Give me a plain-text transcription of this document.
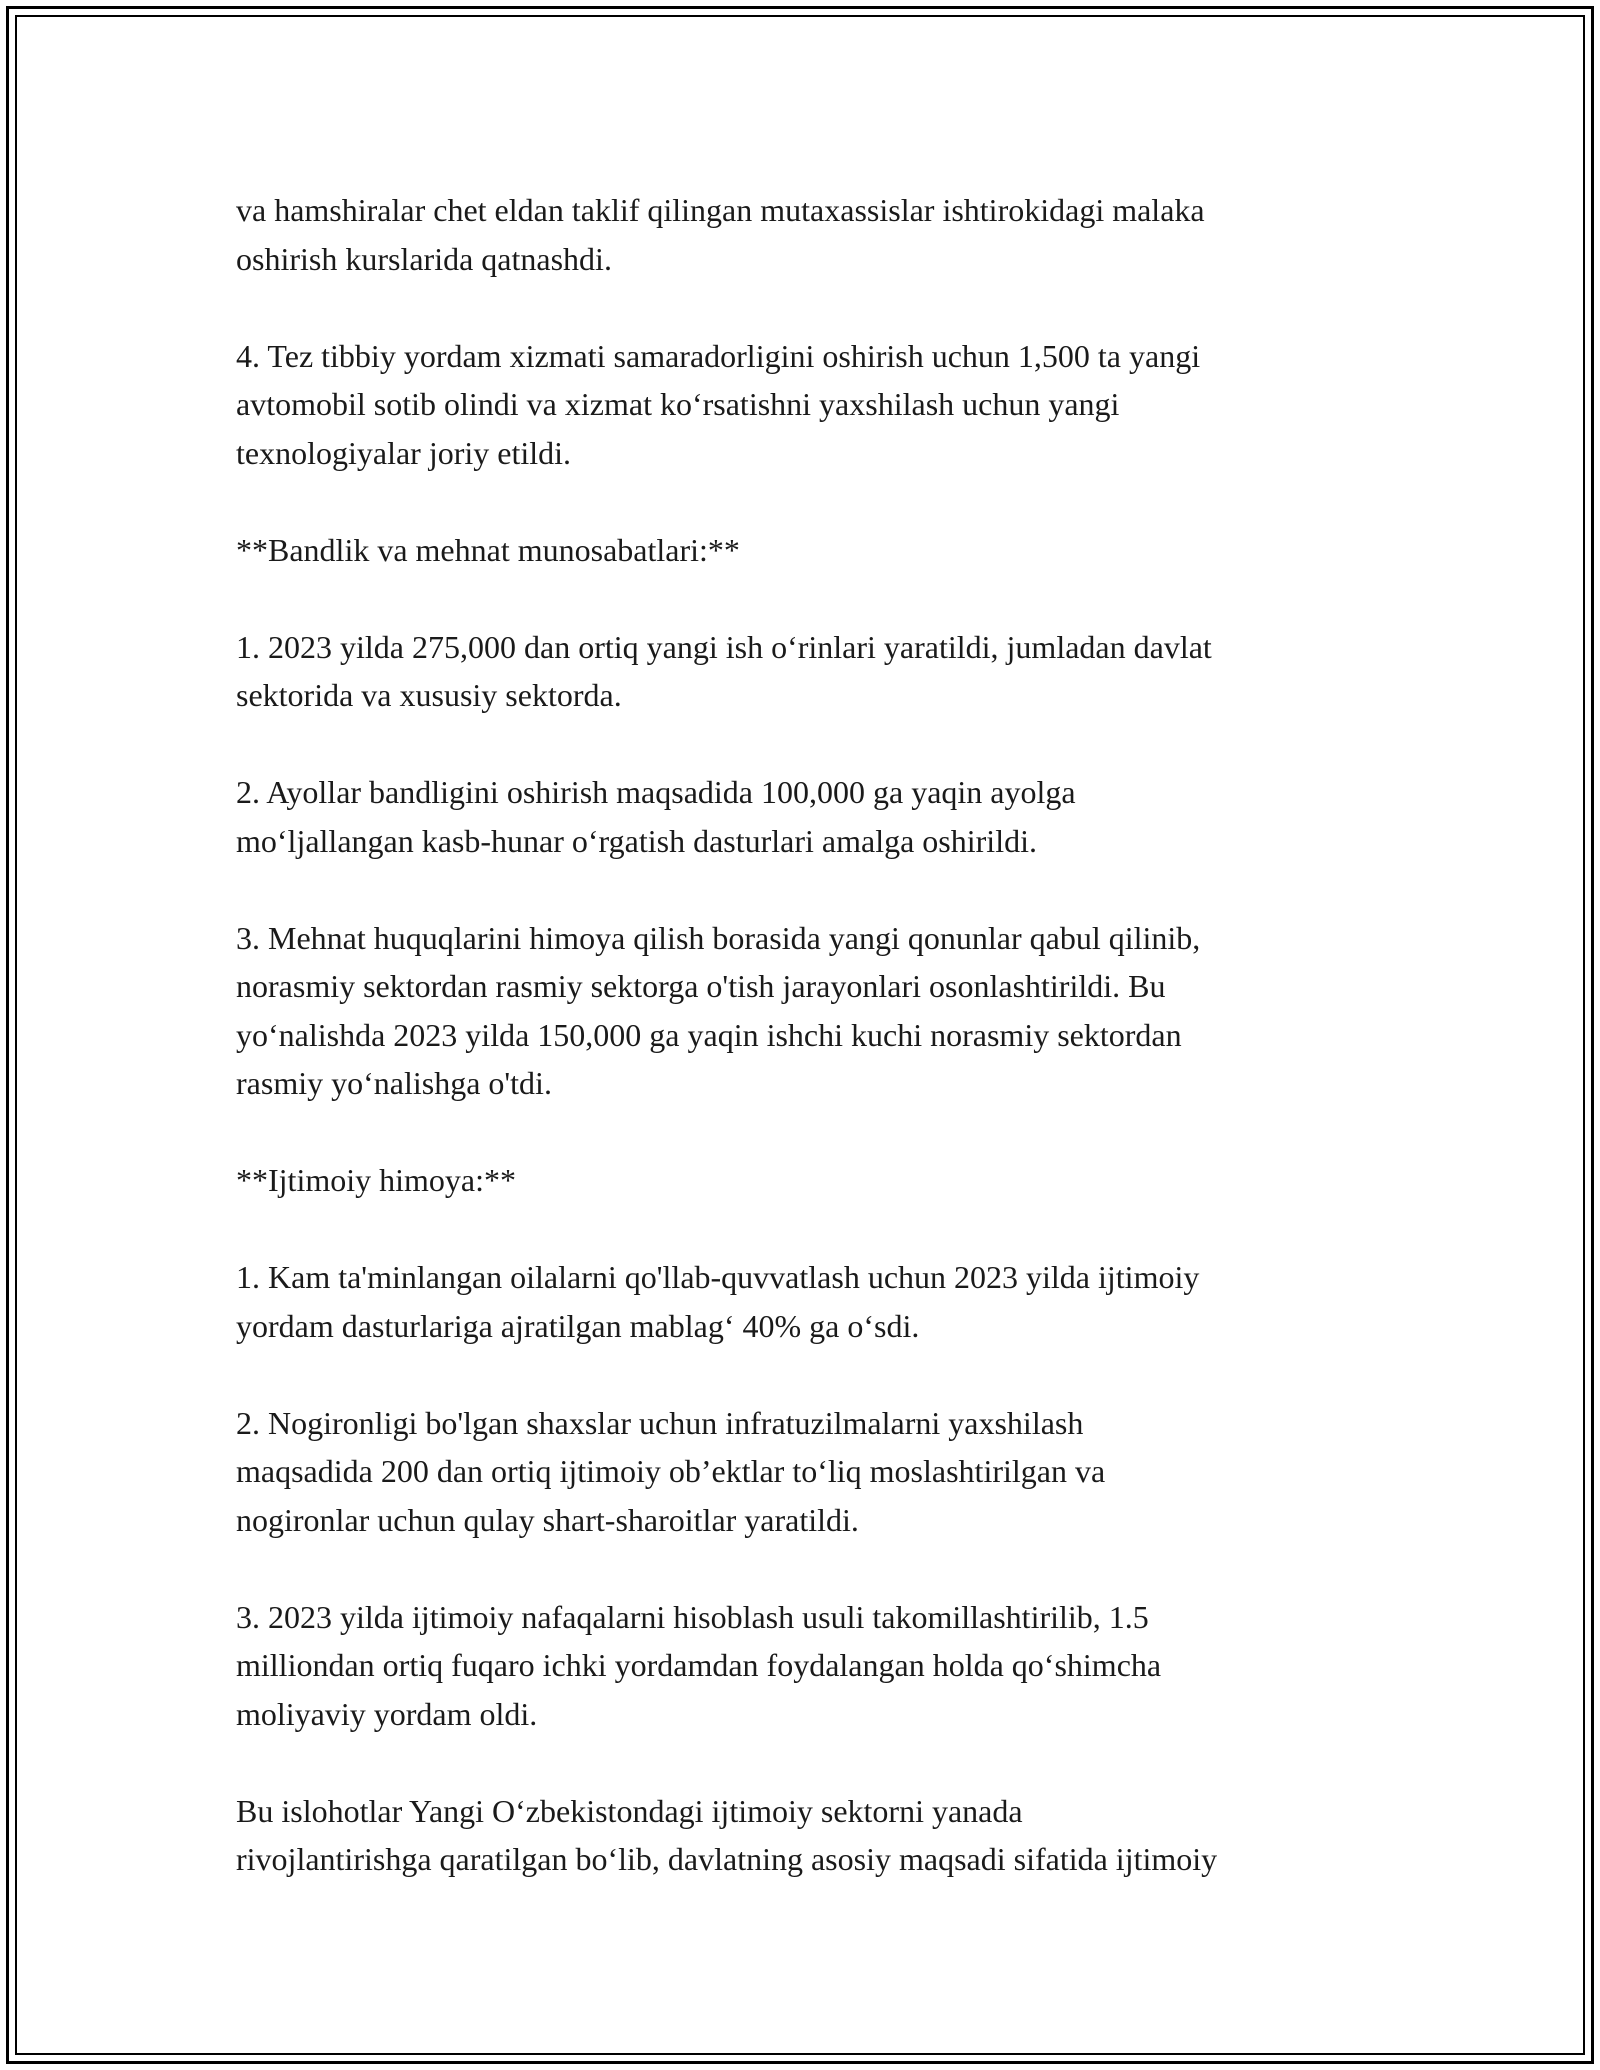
va hamshiralar chet eldan taklif qilingan mutaxassislar ishtirokidagi malaka
oshirish kurslarida qatnashdi.

4. Tez tibbiy yordam xizmati samaradorligini oshirish uchun 1,500 ta yangi
avtomobil sotib olindi va xizmat ko‘rsatishni yaxshilash uchun yangi
texnologiyalar joriy etildi.

**Bandlik va mehnat munosabatlari:**

1. 2023 yilda 275,000 dan ortiq yangi ish o‘rinlari yaratildi, jumladan davlat
sektorida va xususiy sektorda.

2. Ayollar bandligini oshirish maqsadida 100,000 ga yaqin ayolga
mo‘ljallangan kasb-hunar o‘rgatish dasturlari amalga oshirildi.

3. Mehnat huquqlarini himoya qilish borasida yangi qonunlar qabul qilinib,
norasmiy sektordan rasmiy sektorga o'tish jarayonlari osonlashtirildi. Bu
yo‘nalishda 2023 yilda 150,000 ga yaqin ishchi kuchi norasmiy sektordan
rasmiy yo‘nalishga o'tdi.

**Ijtimoiy himoya:**

1. Kam ta'minlangan oilalarni qo'llab-quvvatlash uchun 2023 yilda ijtimoiy
yordam dasturlariga ajratilgan mablag‘ 40% ga o‘sdi.

2. Nogironligi bo'lgan shaxslar uchun infratuzilmalarni yaxshilash
maqsadida 200 dan ortiq ijtimoiy ob’ektlar to‘liq moslashtirilgan va
nogironlar uchun qulay shart-sharoitlar yaratildi.

3. 2023 yilda ijtimoiy nafaqalarni hisoblash usuli takomillashtirilib, 1.5
milliondan ortiq fuqaro ichki yordamdan foydalangan holda qo‘shimcha
moliyaviy yordam oldi.

Bu islohotlar Yangi O‘zbekistondagi ijtimoiy sektorni yanada
rivojlantirishga qaratilgan bo‘lib, davlatning asosiy maqsadi sifatida ijtimoiy
